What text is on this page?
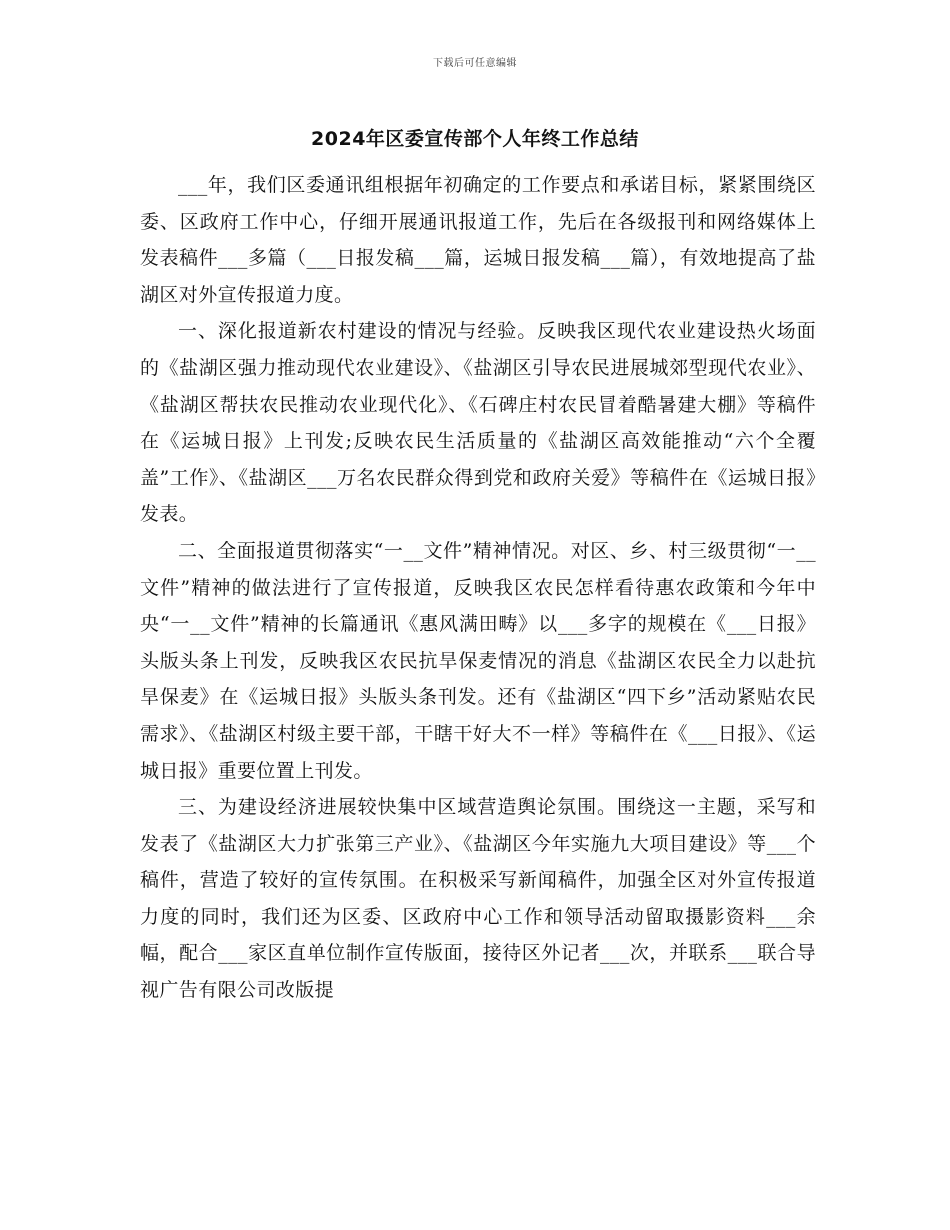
下载后可任意编辑
2024年区委宣传部个人年终工作总结

___年，我们区委通讯组根据年初确定的工作要点和承诺目标，紧紧围绕区委、区政府工作中心，仔细开展通讯报道工作，先后在各级报刊和网络媒体上发表稿件___多篇（___日报发稿___篇，运城日报发稿___篇），有效地提高了盐湖区对外宣传报道力度。

一、深化报道新农村建设的情况与经验。反映我区现代农业建设热火场面的《盐湖区强力推动现代农业建设》、《盐湖区引导农民进展城郊型现代农业》、《盐湖区帮扶农民推动农业现代化》、《石碑庄村农民冒着酷暑建大棚》等稿件在《运城日报》上刊发;反映农民生活质量的《盐湖区高效能推动“六个全覆盖”工作》、《盐湖区___万名农民群众得到党和政府关爱》等稿件在《运城日报》发表。

二、全面报道贯彻落实“一__文件”精神情况。对区、乡、村三级贯彻“一__文件”精神的做法进行了宣传报道，反映我区农民怎样看待惠农政策和今年中央“一__文件”精神的长篇通讯《惠风满田畴》以___多字的规模在《___日报》头版头条上刊发，反映我区农民抗旱保麦情况的消息《盐湖区农民全力以赴抗旱保麦》在《运城日报》头版头条刊发。还有《盐湖区“四下乡”活动紧贴农民需求》、《盐湖区村级主要干部，干瞎干好大不一样》等稿件在《___日报》、《运城日报》重要位置上刊发。

三、为建设经济进展较快集中区域营造舆论氛围。围绕这一主题，采写和发表了《盐湖区大力扩张第三产业》、《盐湖区今年实施九大项目建设》等___个稿件，营造了较好的宣传氛围。在积极采写新闻稿件，加强全区对外宣传报道力度的同时，我们还为区委、区政府中心工作和领导活动留取摄影资料___余幅，配合___家区直单位制作宣传版面，接待区外记者___次，并联系___联合导视广告有限公司改版提
